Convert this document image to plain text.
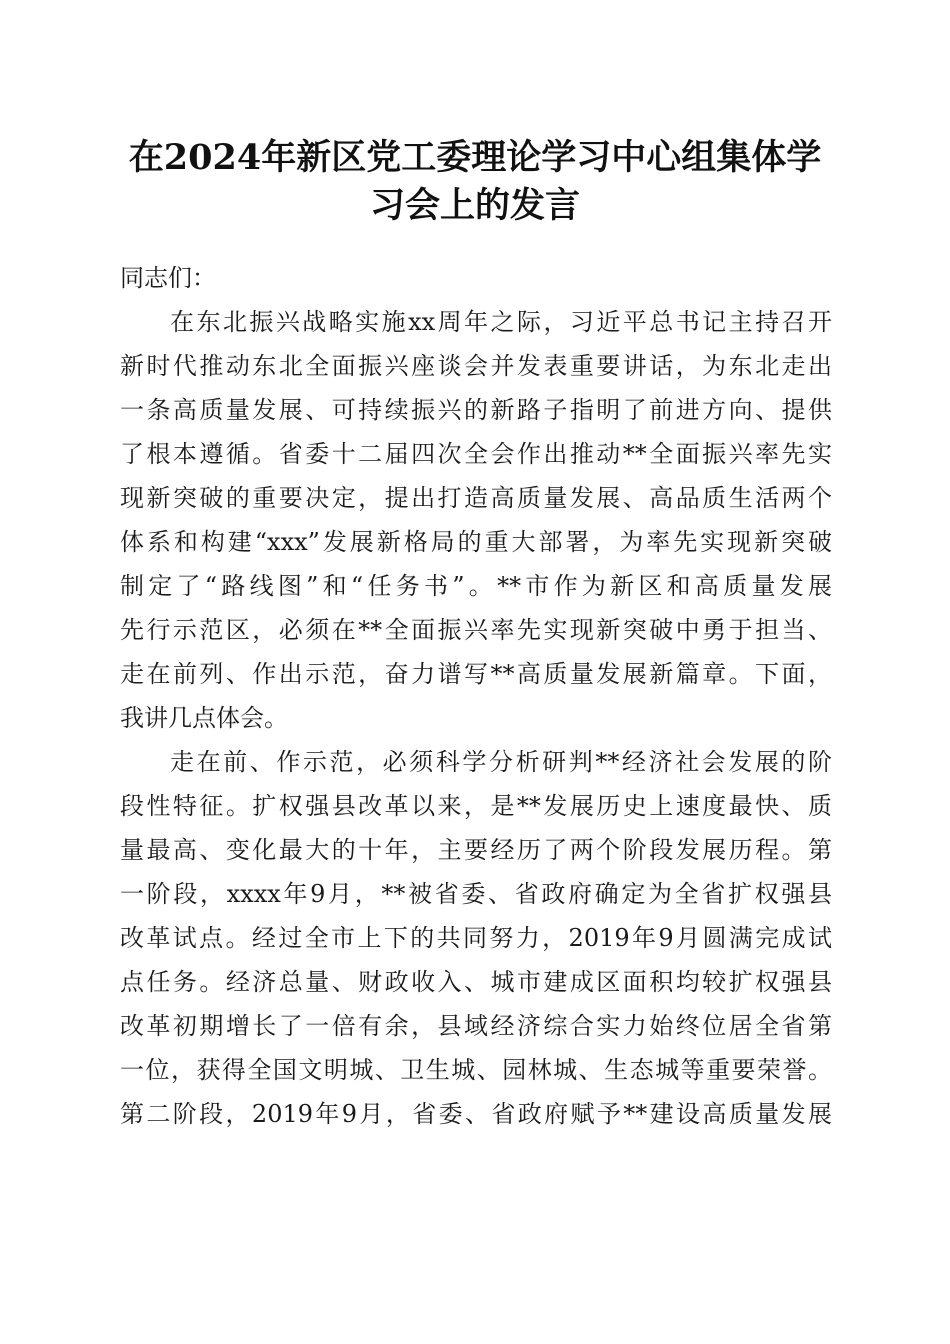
在2024年新区党工委理论学习中心组集体学
习会上的发言
同志们：
在东北振兴战略实施xx周年之际，习近平总书记主持召开
新时代推动东北全面振兴座谈会并发表重要讲话，为东北走出
一条高质量发展、可持续振兴的新路子指明了前进方向、提供
了根本遵循。省委十二届四次全会作出推动**全面振兴率先实
现新突破的重要决定，提出打造高质量发展、高品质生活两个
体系和构建“xxx”发展新格局的重大部署，为率先实现新突破
制定了“路线图”和“任务书”。**市作为新区和高质量发展
先行示范区，必须在**全面振兴率先实现新突破中勇于担当、
走在前列、作出示范，奋力谱写**高质量发展新篇章。下面，
我讲几点体会。
走在前、作示范，必须科学分析研判**经济社会发展的阶
段性特征。扩权强县改革以来，是**发展历史上速度最快、质
量最高、变化最大的十年，主要经历了两个阶段发展历程。第
一阶段，xxxx年9月，**被省委、省政府确定为全省扩权强县
改革试点。经过全市上下的共同努力，2019年9月圆满完成试
点任务。经济总量、财政收入、城市建成区面积均较扩权强县
改革初期增长了一倍有余，县域经济综合实力始终位居全省第
一位，获得全国文明城、卫生城、园林城、生态城等重要荣誉。
第二阶段，2019年9月，省委、省政府赋予**建设高质量发展
